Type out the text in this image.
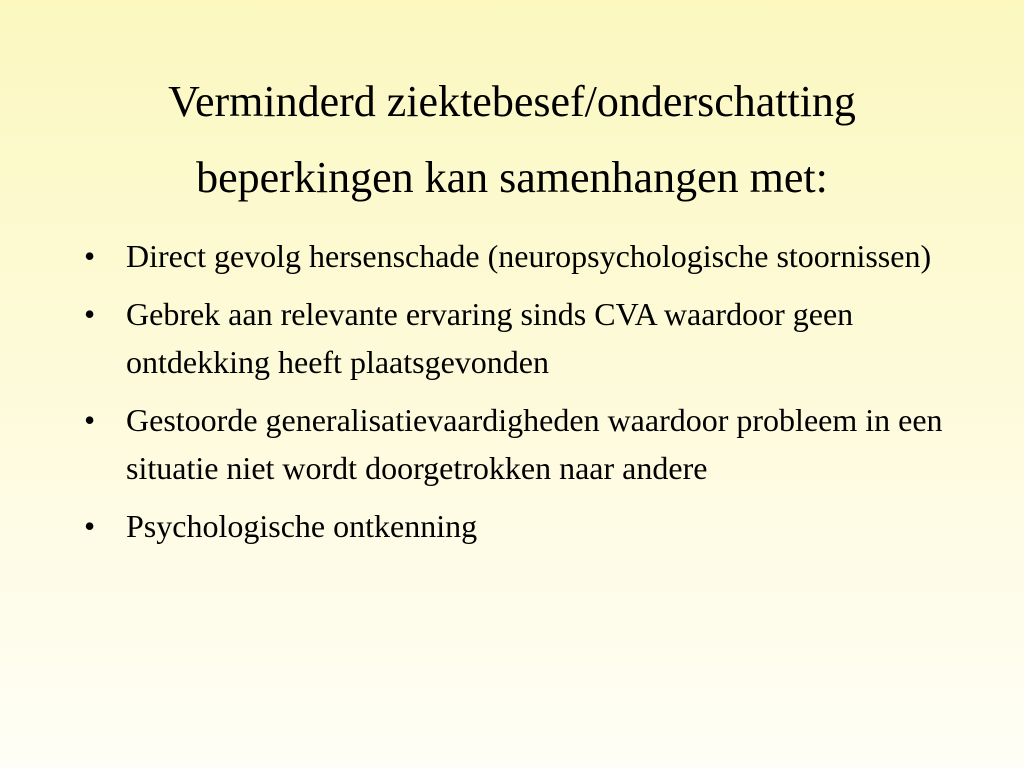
Verminderd ziektebesef/onderschatting
beperkingen kan samenhangen met:
• Direct gevolg hersenschade (neuropsychologische stoornissen)
• Gebrek aan relevante ervaring sinds CVA waardoor geen ontdekking heeft plaatsgevonden
• Gestoorde generalisatievaardigheden waardoor probleem in een situatie niet wordt doorgetrokken naar andere
• Psychologische ontkenning
